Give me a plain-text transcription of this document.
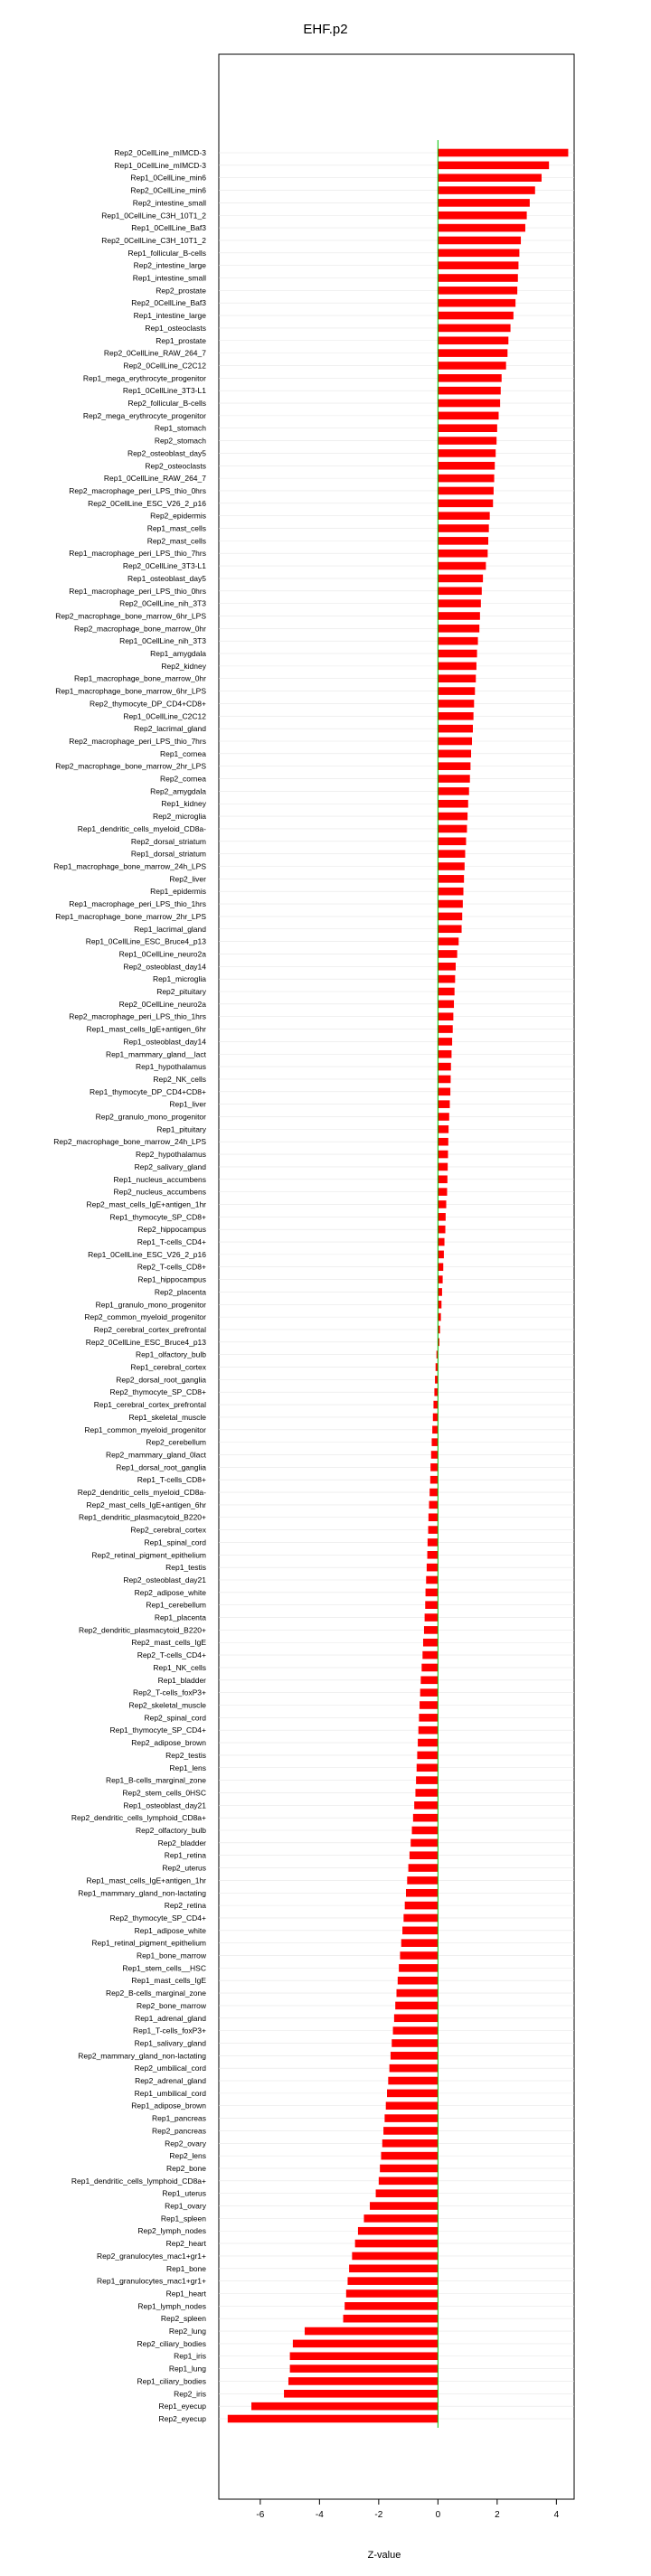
EHF.p2
Rep2_0CellLine_mIMCD-3
Rep1_0CellLine_mIMCD-3
Rep1_0CellLine_min6
Rep2_0CellLine_min6
Rep2_intestine_small
Rep1_0CellLine_C3H_10T1_2
Rep1_0CellLine_Baf3
Rep2_0CellLine_C3H_10T1_2
Rep1_follicular_B-cells
Rep2_intestine_large
Rep1_intestine_small
Rep2_prostate
Rep2_0CellLine_Baf3
Rep1_intestine_large
Rep1_osteoclasts
Rep1_prostate
Rep2_0CellLine_RAW_264_7
Rep2_0CellLine_C2C12
Rep1_mega_erythrocyte_progenitor
Rep1_0CellLine_3T3-L1
Rep2_follicular_B-cells
Rep2_mega_erythrocyte_progenitor
Rep1_stomach
Rep2_stomach
Rep2_osteoblast_day5
Rep2_osteoclasts
Rep1_0CellLine_RAW_264_7
Rep2_macrophage_peri_LPS_thio_0hrs
Rep2_0CellLine_ESC_V26_2_p16
Rep2_epidermis
Rep1_mast_cells
Rep2_mast_cells
Rep1_macrophage_peri_LPS_thio_7hrs
Rep2_0CellLine_3T3-L1
Rep1_osteoblast_day5
Rep1_macrophage_peri_LPS_thio_0hrs
Rep2_0CellLine_nih_3T3
Rep2_macrophage_bone_marrow_6hr_LPS
Rep2_macrophage_bone_marrow_0hr
Rep1_0CellLine_nih_3T3
Rep1_amygdala
Rep2_kidney
Rep1_macrophage_bone_marrow_0hr
Rep1_macrophage_bone_marrow_6hr_LPS
Rep2_thymocyte_DP_CD4+CD8+
Rep1_0CellLine_C2C12
Rep2_lacrimal_gland
Rep2_macrophage_peri_LPS_thio_7hrs
Rep1_cornea
Rep2_macrophage_bone_marrow_2hr_LPS
Rep2_cornea
Rep2_amygdala
Rep1_kidney
Rep2_microglia
Rep1_dendritic_cells_myeloid_CD8a-
Rep2_dorsal_striatum
Rep1_dorsal_striatum
Rep1_macrophage_bone_marrow_24h_LPS
Rep2_liver
Rep1_epidermis
Rep1_macrophage_peri_LPS_thio_1hrs
Rep1_macrophage_bone_marrow_2hr_LPS
Rep1_lacrimal_gland
Rep1_0CellLine_ESC_Bruce4_p13
Rep1_0CellLine_neuro2a
Rep2_osteoblast_day14
Rep1_microglia
Rep2_pituitary
Rep2_0CellLine_neuro2a
Rep2_macrophage_peri_LPS_thio_1hrs
Rep1_mast_cells_IgE+antigen_6hr
Rep1_osteoblast_day14
Rep1_mammary_gland__lact
Rep1_hypothalamus
Rep2_NK_cells
Rep1_thymocyte_DP_CD4+CD8+
Rep1_liver
Rep2_granulo_mono_progenitor
Rep1_pituitary
Rep2_macrophage_bone_marrow_24h_LPS
Rep2_hypothalamus
Rep2_salivary_gland
Rep1_nucleus_accumbens
Rep2_nucleus_accumbens
Rep2_mast_cells_IgE+antigen_1hr
Rep1_thymocyte_SP_CD8+
Rep2_hippocampus
Rep1_T-cells_CD4+
Rep1_0CellLine_ESC_V26_2_p16
Rep2_T-cells_CD8+
Rep1_hippocampus
Rep2_placenta
Rep1_granulo_mono_progenitor
Rep2_common_myeloid_progenitor
Rep2_cerebral_cortex_prefrontal
Rep2_0CellLine_ESC_Bruce4_p13
Rep1_olfactory_bulb
Rep1_cerebral_cortex
Rep2_dorsal_root_ganglia
Rep2_thymocyte_SP_CD8+
Rep1_cerebral_cortex_prefrontal
Rep1_skeletal_muscle
Rep1_common_myeloid_progenitor
Rep2_cerebellum
Rep2_mammary_gland_0lact
Rep1_dorsal_root_ganglia
Rep1_T-cells_CD8+
Rep2_dendritic_cells_myeloid_CD8a-
Rep2_mast_cells_IgE+antigen_6hr
Rep1_dendritic_plasmacytoid_B220+
Rep2_cerebral_cortex
Rep1_spinal_cord
Rep2_retinal_pigment_epithelium
Rep1_testis
Rep2_osteoblast_day21
Rep2_adipose_white
Rep1_cerebellum
Rep1_placenta
Rep2_dendritic_plasmacytoid_B220+
Rep2_mast_cells_IgE
Rep2_T-cells_CD4+
Rep1_NK_cells
Rep1_bladder
Rep2_T-cells_foxP3+
Rep2_skeletal_muscle
Rep2_spinal_cord
Rep1_thymocyte_SP_CD4+
Rep2_adipose_brown
Rep2_testis
Rep1_lens
Rep1_B-cells_marginal_zone
Rep2_stem_cells_0HSC
Rep1_osteoblast_day21
Rep2_dendritic_cells_lymphoid_CD8a+
Rep2_olfactory_bulb
Rep2_bladder
Rep1_retina
Rep2_uterus
Rep1_mast_cells_IgE+antigen_1hr
Rep1_mammary_gland_non-lactating
Rep2_retina
Rep2_thymocyte_SP_CD4+
Rep1_adipose_white
Rep1_retinal_pigment_epithelium
Rep1_bone_marrow
Rep1_stem_cells__HSC
Rep1_mast_cells_IgE
Rep2_B-cells_marginal_zone
Rep2_bone_marrow
Rep1_adrenal_gland
Rep1_T-cells_foxP3+
Rep1_salivary_gland
Rep2_mammary_gland_non-lactating
Rep2_umbilical_cord
Rep2_adrenal_gland
Rep1_umbilical_cord
Rep1_adipose_brown
Rep1_pancreas
Rep2_pancreas
Rep2_ovary
Rep2_lens
Rep2_bone
Rep1_dendritic_cells_lymphoid_CD8a+
Rep1_uterus
Rep1_ovary
Rep1_spleen
Rep2_lymph_nodes
Rep2_heart
Rep2_granulocytes_mac1+gr1+
Rep1_bone
Rep1_granulocytes_mac1+gr1+
Rep1_heart
Rep1_lymph_nodes
Rep2_spleen
Rep2_lung
Rep2_ciliary_bodies
Rep1_iris
Rep1_lung
Rep1_ciliary_bodies
Rep2_iris
Rep1_eyecup
Rep2_eyecup
-6	-4	-2	0	2	4
Z-value
